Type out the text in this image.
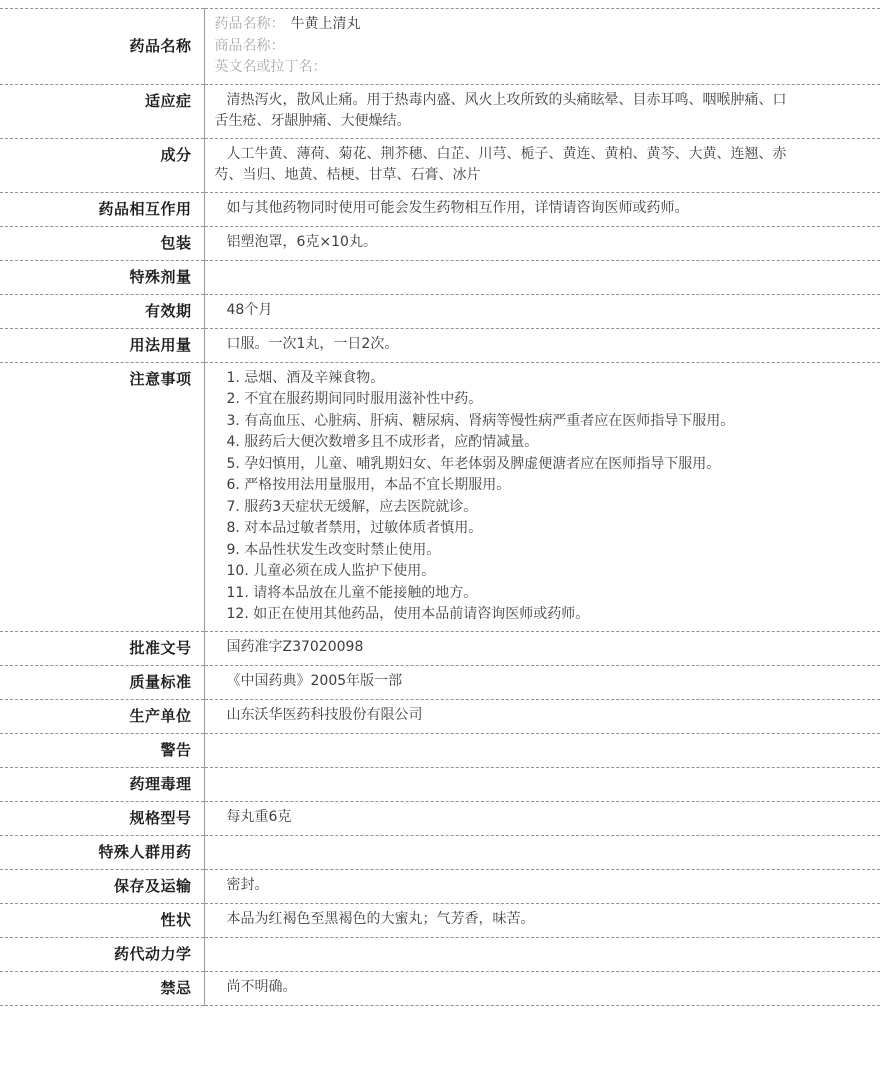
药品名称	药品名称： 牛黄上清丸
商品名称：
英文名或拉丁名：

适应症	清热泻火，散风止痛。用于热毒内盛、风火上攻所致的头痛眩晕、目赤耳鸣、咽喉肿痛、口舌生疮、牙龈肿痛、大便燥结。

成分	人工牛黄、薄荷、菊花、荆芥穗、白芷、川芎、栀子、黄连、黄柏、黄芩、大黄、连翘、赤芍、当归、地黄、桔梗、甘草、石膏、冰片

药品相互作用	如与其他药物同时使用可能会发生药物相互作用，详情请咨询医师或药师。

包装	铝塑泡罩，6克×10丸。

特殊剂量	

有效期	48个月

用法用量	口服。一次1丸，一日2次。

注意事项	1. 忌烟、酒及辛辣食物。
2. 不宜在服药期间同时服用滋补性中药。
3. 有高血压、心脏病、肝病、糖尿病、肾病等慢性病严重者应在医师指导下服用。
4. 服药后大便次数增多且不成形者，应酌情减量。
5. 孕妇慎用，儿童、哺乳期妇女、年老体弱及脾虚便溏者应在医师指导下服用。
6. 严格按用法用量服用，本品不宜长期服用。
7. 服药3天症状无缓解，应去医院就诊。
8. 对本品过敏者禁用，过敏体质者慎用。
9. 本品性状发生改变时禁止使用。
10. 儿童必须在成人监护下使用。
11. 请将本品放在儿童不能接触的地方。
12. 如正在使用其他药品，使用本品前请咨询医师或药师。

批准文号	国药准字Z37020098

质量标准	《中国药典》2005年版一部

生产单位	山东沃华医药科技股份有限公司

警告	

药理毒理	

规格型号	每丸重6克

特殊人群用药	

保存及运输	密封。

性状	本品为红褐色至黑褐色的大蜜丸；气芳香，味苦。

药代动力学	

禁忌	尚不明确。
